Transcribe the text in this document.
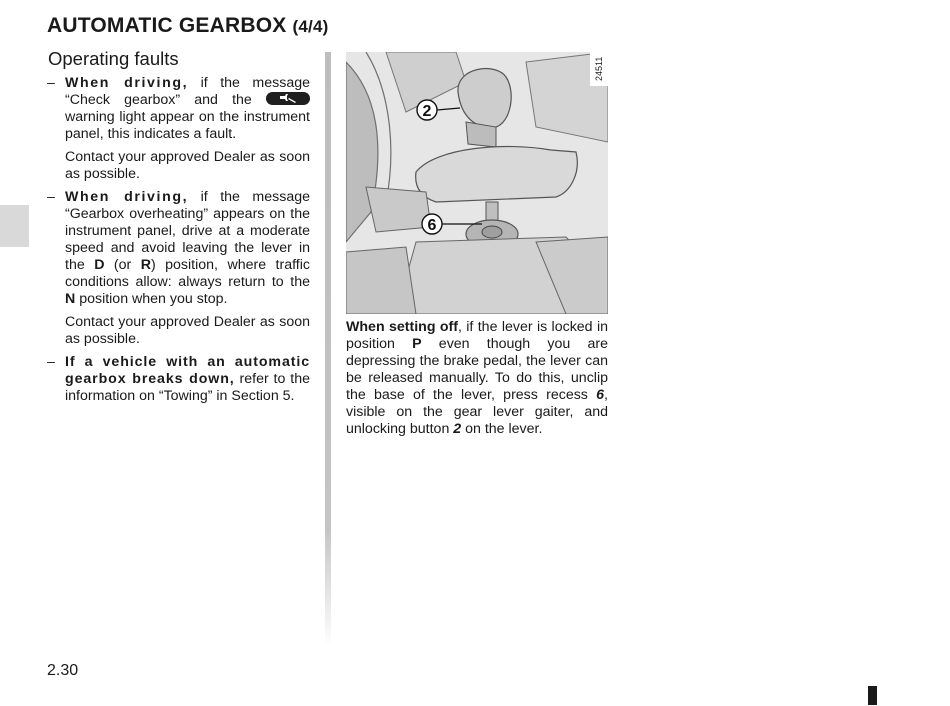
AUTOMATIC GEARBOX (4/4)
Operating faults
– When driving, if the message “Check gearbox” and the
warning light appear on the instrument panel, this indicates a fault.
Contact your approved Dealer as soon as possible.
– When driving, if the message “Gearbox overheating” appears on the instrument panel, drive at a moderate speed and avoid leaving the lever in the D (or R) position, where traffic conditions allow: always return to the N position when you stop.
Contact your approved Dealer as soon as possible.
– If a vehicle with an automatic gearbox breaks down, refer to the information on “Towing” in Section 5.
2
6
24511
When setting off, if the lever is locked in position P even though you are depressing the brake pedal, the lever can be released manually. To do this, unclip the base of the lever, press recess 6, visible on the gear lever gaiter, and unlocking button 2 on the lever.
2.30
